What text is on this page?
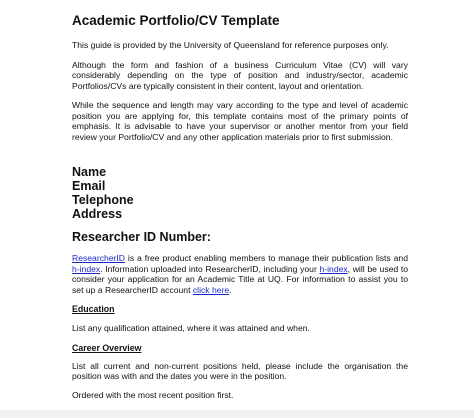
Academic Portfolio/CV Template

This guide is provided by the University of Queensland for reference purposes only.

Although the form and fashion of a business Curriculum Vitae (CV) will vary considerably depending on the type of position and industry/sector, academic Portfolios/CVs are typically consistent in their content, layout and orientation.

While the sequence and length may vary according to the type and level of academic position you are applying for, this template contains most of the primary points of emphasis. It is advisable to have your supervisor or another mentor from your field review your Portfolio/CV and any other application materials prior to first submission.

Name
Email
Telephone
Address
Researcher ID Number:

ResearcherID is a free product enabling members to manage their publication lists and h-index. Information uploaded into ResearcherID, including your h-index, will be used to consider your application for an Academic Title at UQ. For information to assist you to set up a ResearcherID account click here.

Education

List any qualification attained, where it was attained and when.

Career Overview

List all current and non-current positions held, please include the organisation the position was with and the dates you were in the position.

Ordered with the most recent position first.
